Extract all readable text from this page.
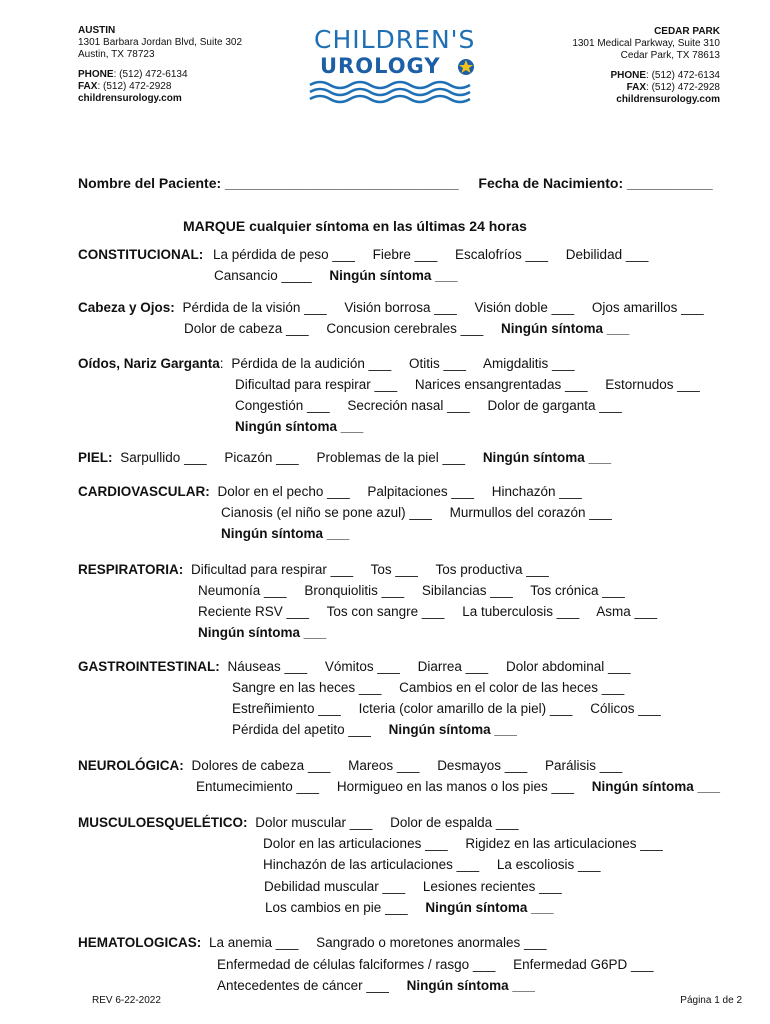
AUSTIN
1301 Barbara Jordan Blvd, Suite 302
Austin, TX 78723
PHONE: (512) 472-6134
FAX: (512) 472-2928
childrensurology.com
CHILDREN'S
UROLOGY
CEDAR PARK
1301 Medical Parkway, Suite 310
Cedar Park, TX 78613
PHONE: (512) 472-6134
FAX: (512) 472-2928
childrensurology.com
Nombre del Paciente: ______________________________ Fecha de Nacimiento: ___________
MARQUE cualquier síntoma en las últimas 24 horas
CONSTITUCIONAL: La pérdida de peso ___ Fiebre ___ Escalofríos ___ Debilidad ___
Cansancio ____ Ningún síntoma ___
Cabeza y Ojos: Pérdida de la visión ___ Visión borrosa ___ Visión doble ___ Ojos amarillos ___
Dolor de cabeza ___ Concusion cerebrales ___ Ningún síntoma ___
Oídos, Nariz Garganta: Pérdida de la audición ___ Otitis ___ Amigdalitis ___
Dificultad para respirar ___ Narices ensangrentadas ___ Estornudos ___
Congestión ___ Secreción nasal ___ Dolor de garganta ___
Ningún síntoma ___
PIEL: Sarpullido ___ Picazón ___ Problemas de la piel ___ Ningún síntoma ___
CARDIOVASCULAR: Dolor en el pecho ___ Palpitaciones ___ Hinchazón ___
Cianosis (el niño se pone azul) ___ Murmullos del corazón ___
Ningún síntoma ___
RESPIRATORIA: Dificultad para respirar ___ Tos ___ Tos productiva ___
Neumonía ___ Bronquiolitis ___ Sibilancias ___ Tos crónica ___
Reciente RSV ___ Tos con sangre ___ La tuberculosis ___ Asma ___
Ningún síntoma ___
GASTROINTESTINAL: Náuseas ___ Vómitos ___ Diarrea ___ Dolor abdominal ___
Sangre en las heces ___ Cambios en el color de las heces ___
Estreñimiento ___ Icteria (color amarillo de la piel) ___ Cólicos ___
Pérdida del apetito ___ Ningún síntoma ___
NEUROLÓGICA: Dolores de cabeza ___ Mareos ___ Desmayos ___ Parálisis ___
Entumecimiento ___ Hormigueo en las manos o los pies ___ Ningún síntoma ___
MUSCULOESQUELÉTICO: Dolor muscular ___ Dolor de espalda ___
Dolor en las articulaciones ___ Rigidez en las articulaciones ___
Hinchazón de las articulaciones ___ La escoliosis ___
Debilidad muscular ___ Lesiones recientes ___
Los cambios en pie ___ Ningún síntoma ___
HEMATOLOGICAS: La anemia ___ Sangrado o moretones anormales ___
Enfermedad de células falciformes / rasgo ___ Enfermedad G6PD ___
Antecedentes de cáncer ___ Ningún síntoma ___
REV 6-22-2022	Página 1 de 2
